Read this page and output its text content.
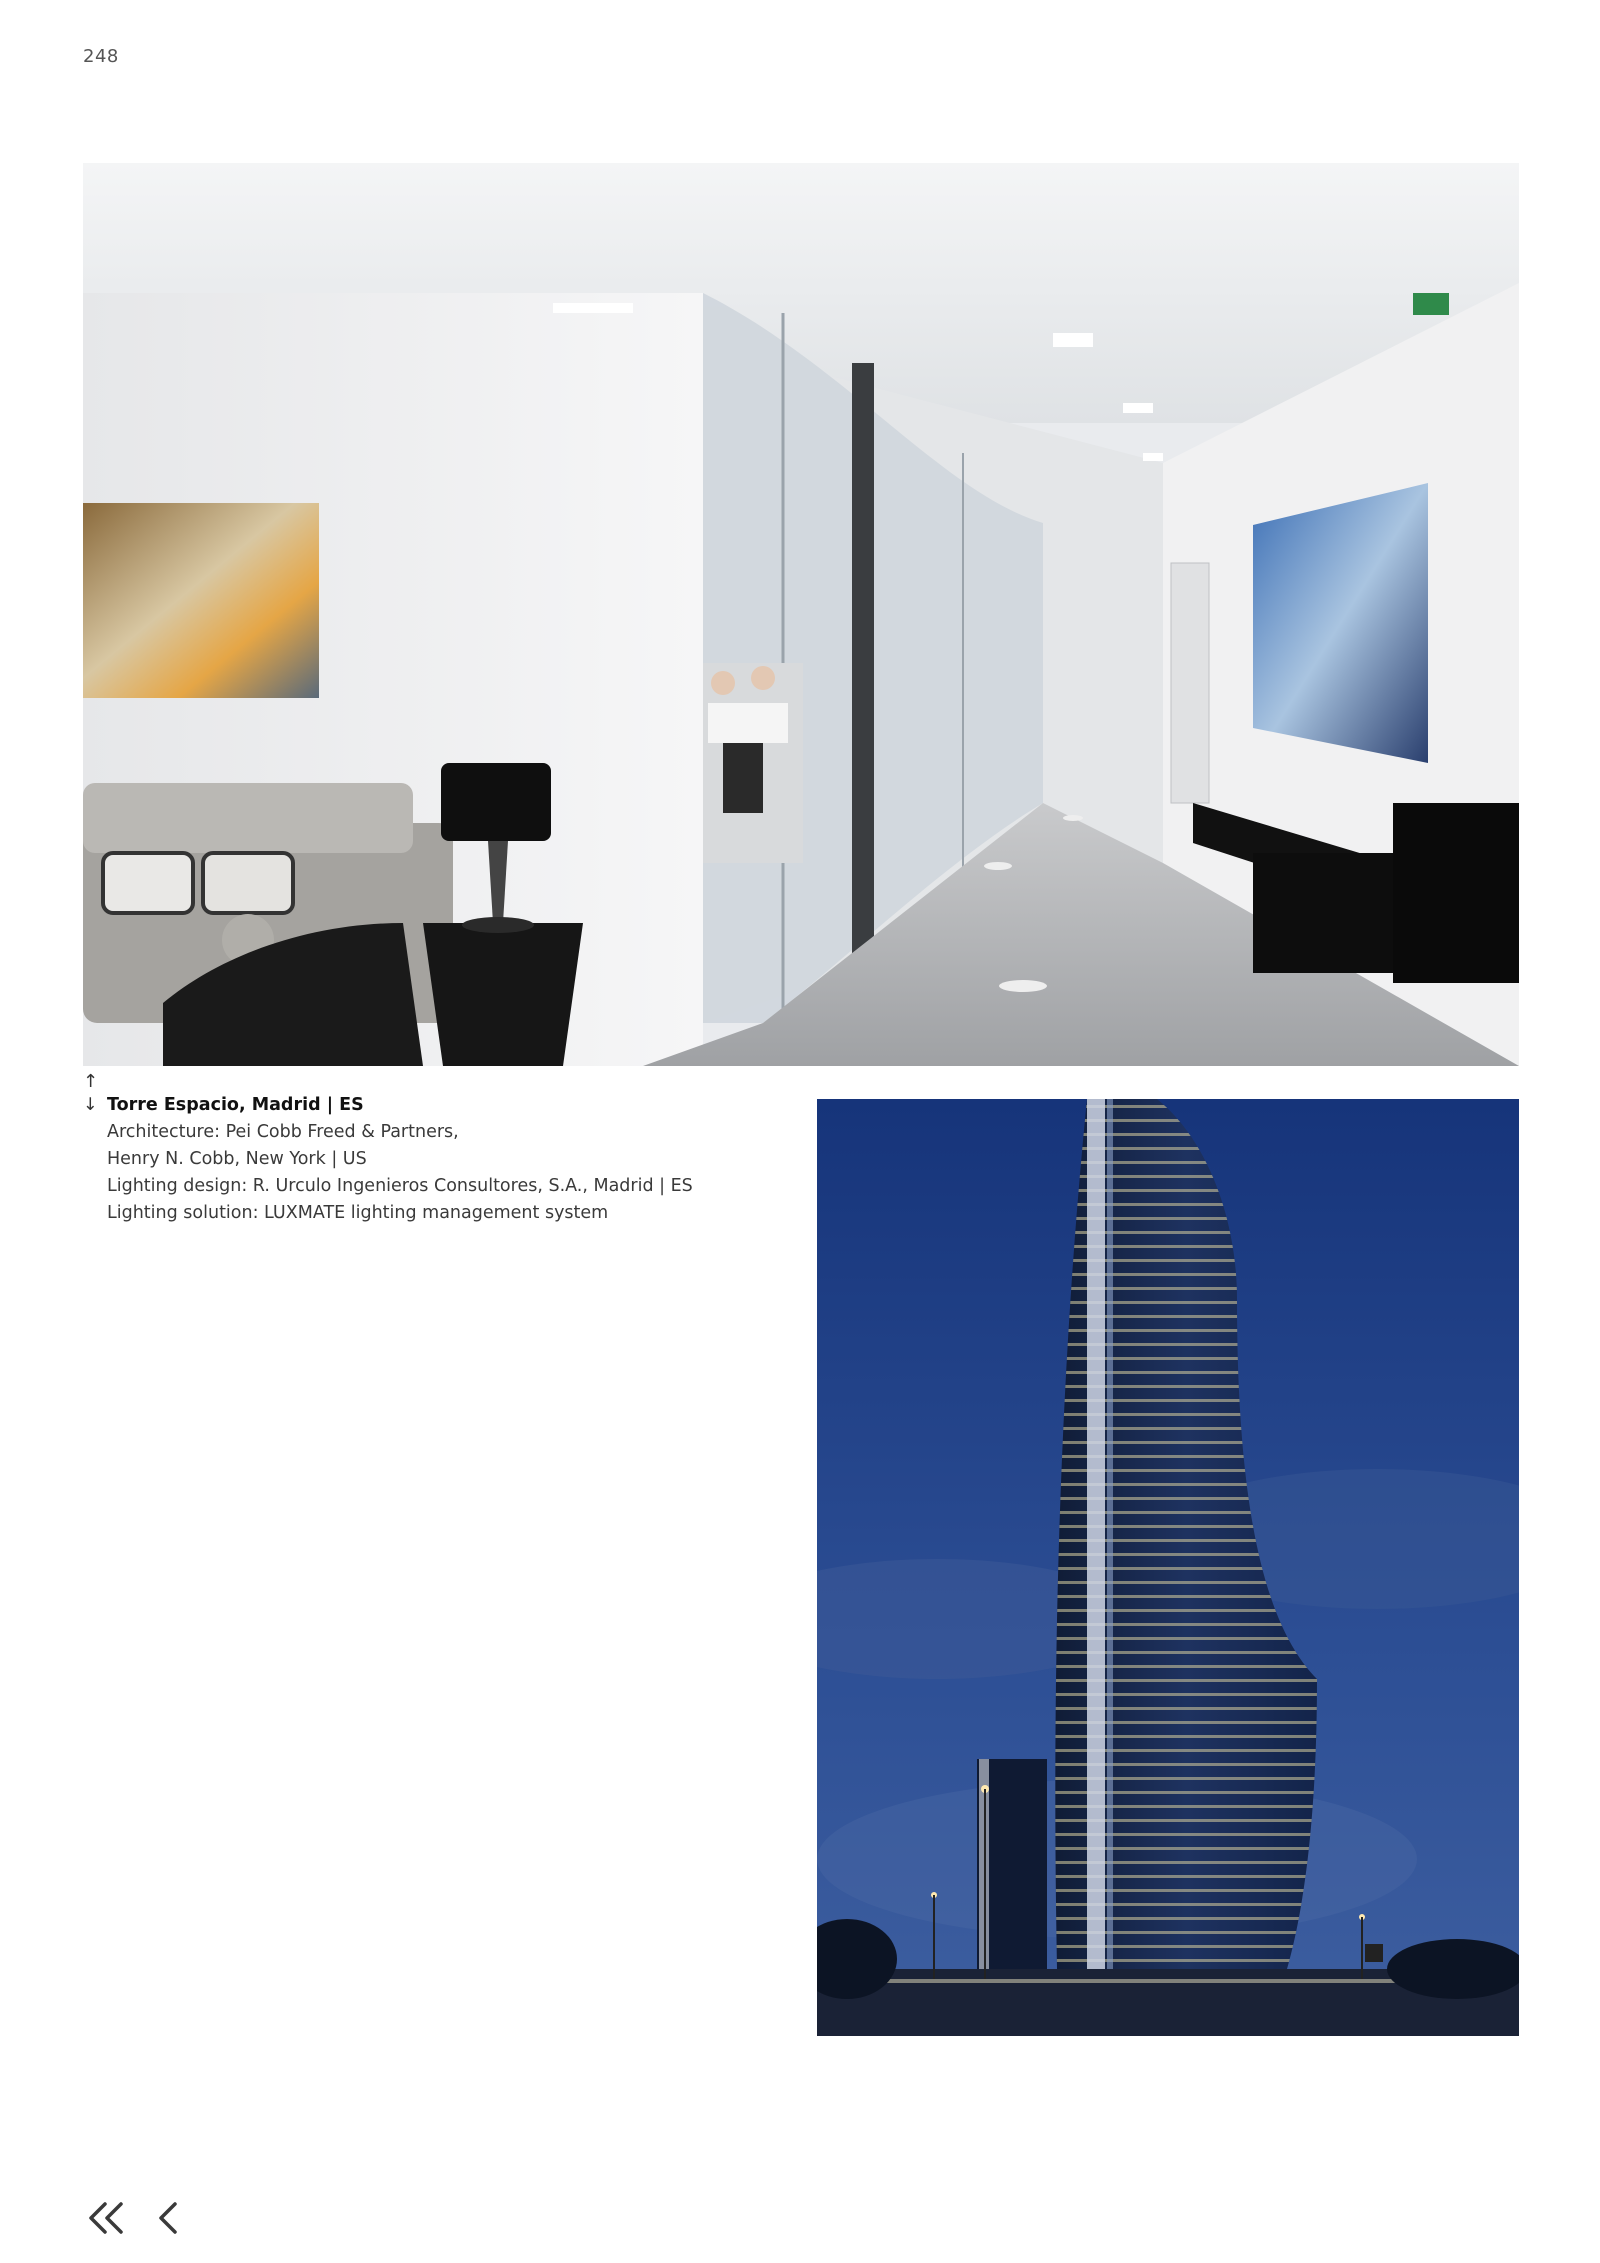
248
↑
↓ Torre Espacio, Madrid | ES
Architecture: Pei Cobb Freed & Partners,
Henry N. Cobb, New York | US
Lighting design: R. Urculo Ingenieros Consultores, S.A., Madrid | ES
Lighting solution: LUXMATE lighting management system
